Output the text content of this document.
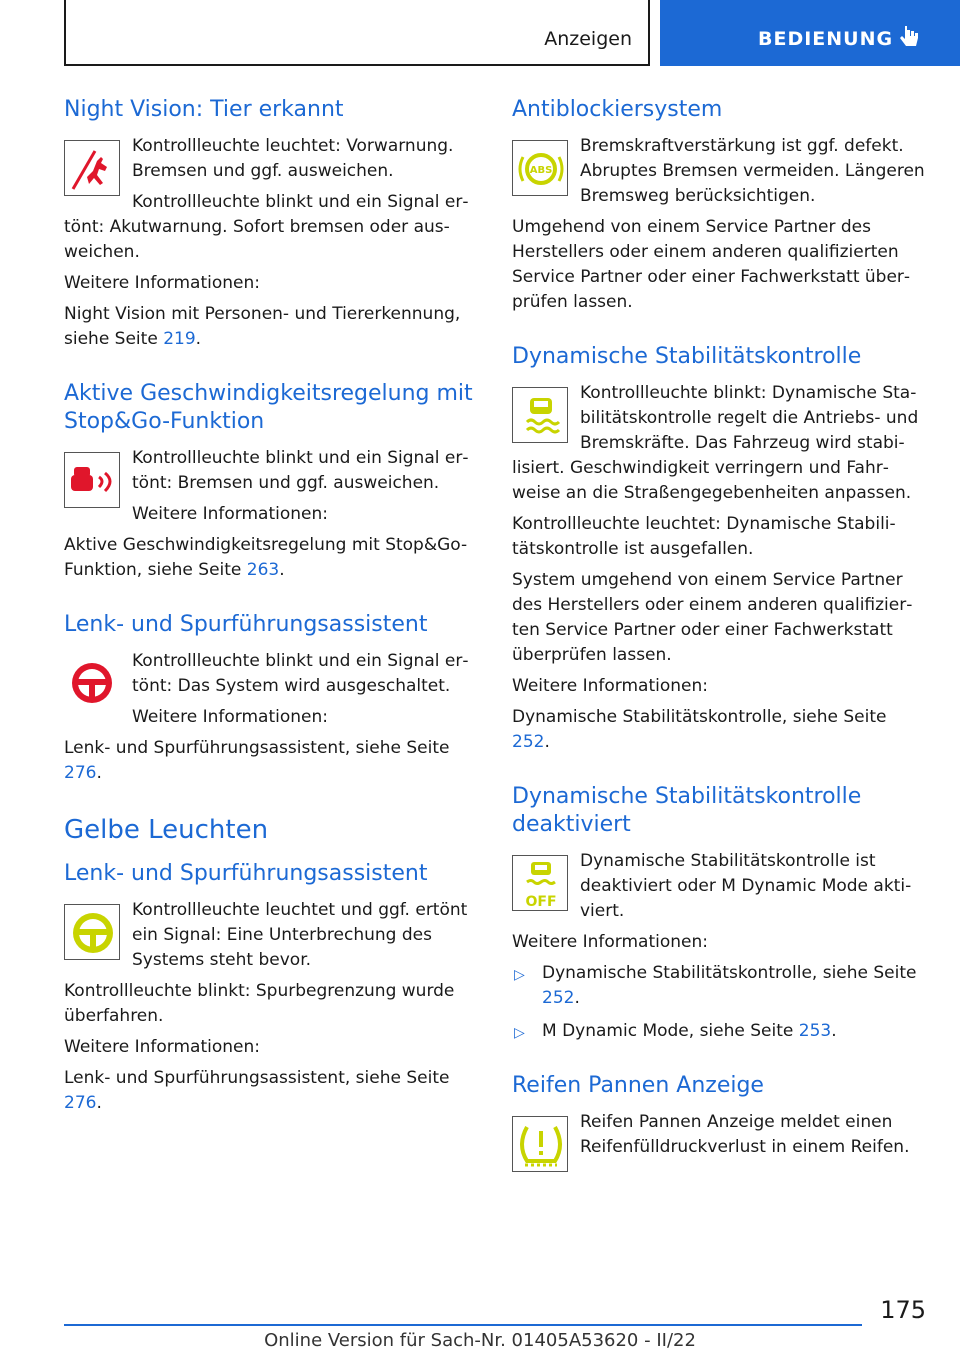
Anzeigen	BEDIENUNG
Night Vision: Tier erkannt

Kontrollleuchte leuchtet: Vorwarnung. Bremsen und ggf. ausweichen.

Kontrollleuchte blinkt und ein Signal ertönt: Akutwarnung. Sofort bremsen oder ausweichen.

Weitere Informationen:

Night Vision mit Personen- und Tiererkennung, siehe Seite 219.

Aktive Geschwindigkeitsregelung mit Stop&Go-Funktion

Kontrollleuchte blinkt und ein Signal ertönt: Bremsen und ggf. ausweichen.

Weitere Informationen:

Aktive Geschwindigkeitsregelung mit Stop&Go-Funktion, siehe Seite 263.

Lenk- und Spurführungsassistent

Kontrollleuchte blinkt und ein Signal ertönt: Das System wird ausgeschaltet.

Weitere Informationen:

Lenk- und Spurführungsassistent, siehe Seite 276.

Gelbe Leuchten
Lenk- und Spurführungsassistent

Kontrollleuchte leuchtet und ggf. ertönt ein Signal: Eine Unterbrechung des Systems steht bevor.

Kontrollleuchte blinkt: Spurbegrenzung wurde überfahren.

Weitere Informationen:

Lenk- und Spurführungsassistent, siehe Seite 276.

Antiblockiersystem
ABS

Bremskraftverstärkung ist ggf. defekt. Abruptes Bremsen vermeiden. Längeren Bremsweg berücksichtigen.

Umgehend von einem Service Partner des Herstellers oder einem anderen qualifizierten Service Partner oder einer Fachwerkstatt überprüfen lassen.

Dynamische Stabilitätskontrolle

Kontrollleuchte blinkt: Dynamische Stabilitätskontrolle regelt die Antriebs- und Bremskräfte. Das Fahrzeug wird stabilisiert. Geschwindigkeit verringern und Fahrweise an die Straßengegebenheiten anpassen.

Kontrollleuchte leuchtet: Dynamische Stabilitätskontrolle ist ausgefallen.

System umgehend von einem Service Partner des Herstellers oder einem anderen qualifizierten Service Partner oder einer Fachwerkstatt überprüfen lassen.

Weitere Informationen:

Dynamische Stabilitätskontrolle, siehe Seite 252.

Dynamische Stabilitätskontrolle deaktiviert
OFF

Dynamische Stabilitätskontrolle ist deaktiviert oder M Dynamic Mode aktiviert.

Weitere Informationen:

▷ Dynamische Stabilitätskontrolle, siehe Seite 252.
▷ M Dynamic Mode, siehe Seite 253.
Reifen Pannen Anzeige

Reifen Pannen Anzeige meldet einen Reifenfülldruckverlust in einem Reifen.

175
Online Version für Sach-Nr. 01405A53620 - II/22
